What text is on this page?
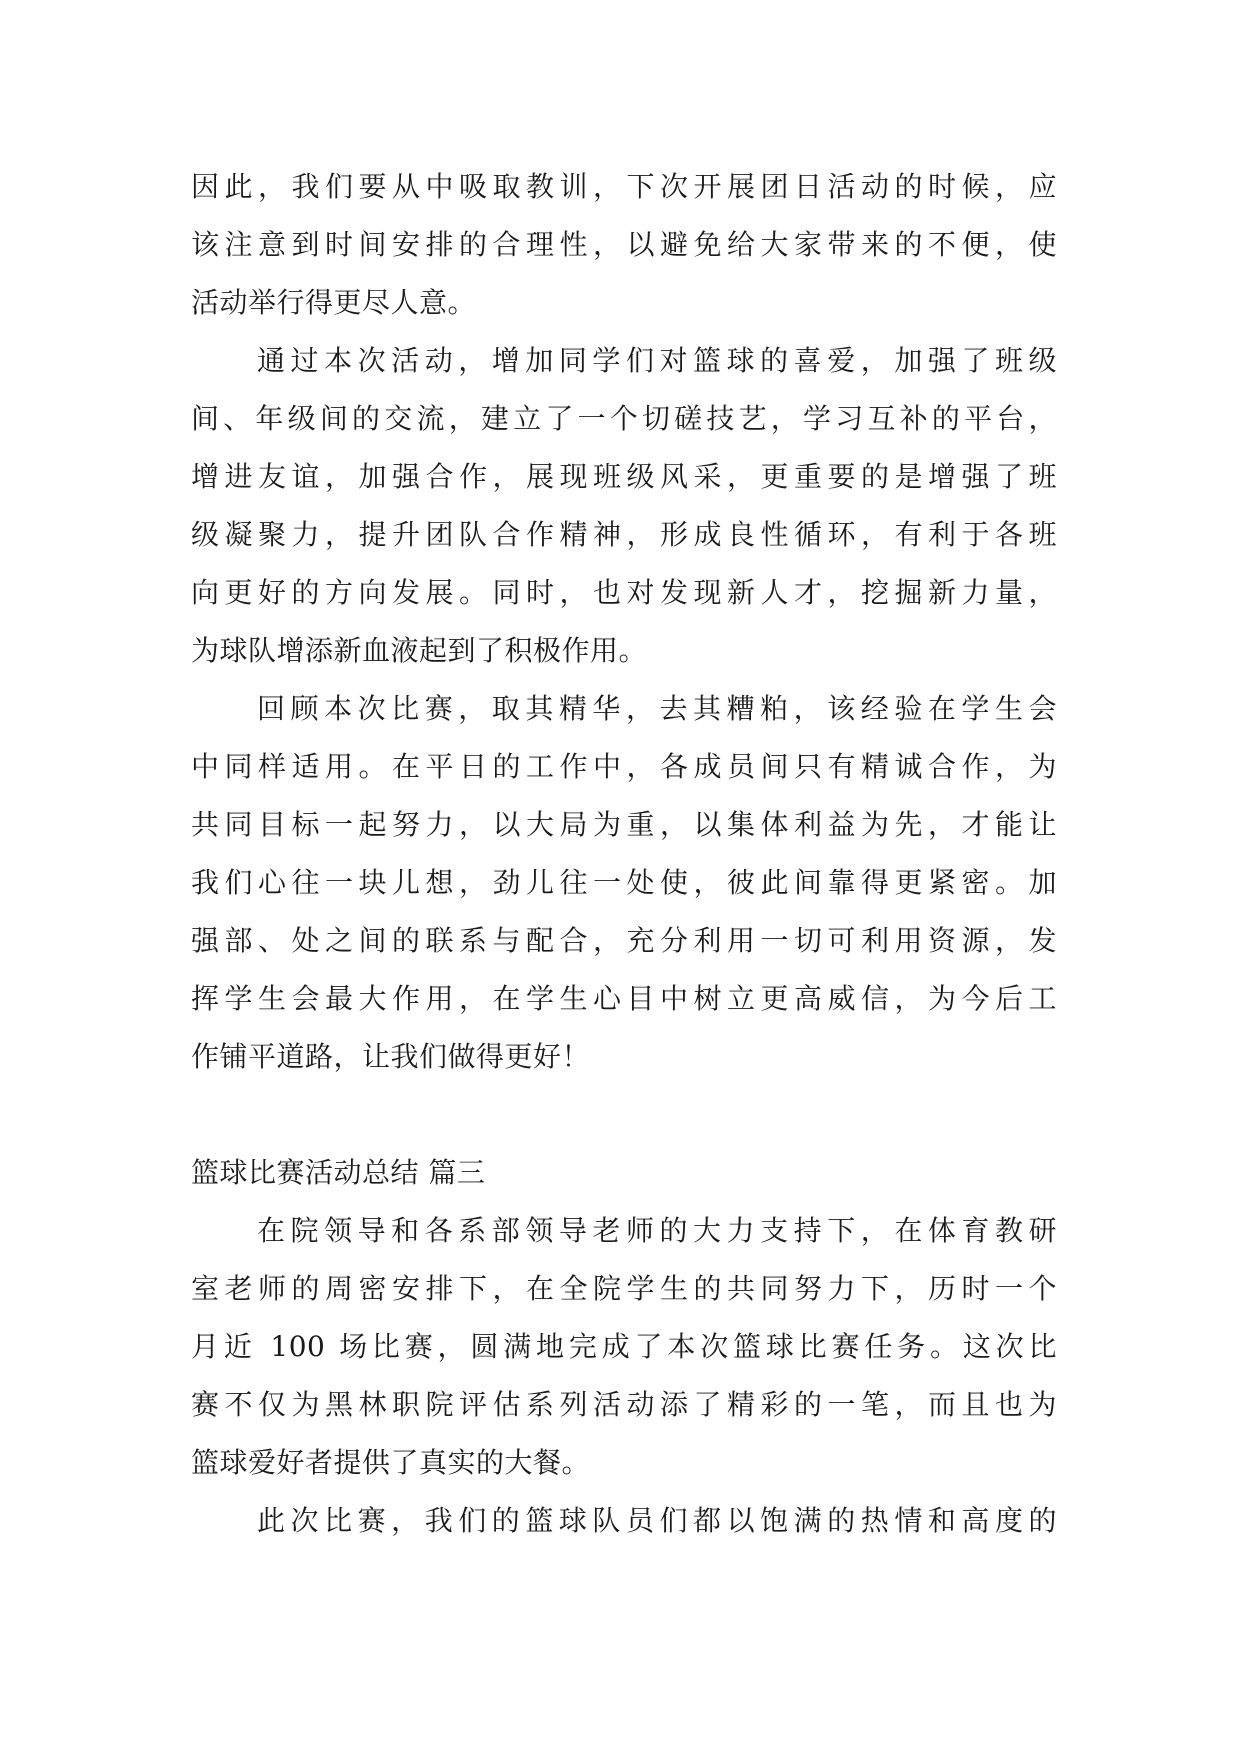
因此，我们要从中吸取教训，下次开展团日活动的时候，应
该注意到时间安排的合理性，以避免给大家带来的不便，使
活动举行得更尽人意。
通过本次活动，增加同学们对篮球的喜爱，加强了班级
间、年级间的交流，建立了一个切磋技艺，学习互补的平台，
增进友谊，加强合作，展现班级风采，更重要的是增强了班
级凝聚力，提升团队合作精神，形成良性循环，有利于各班
向更好的方向发展。同时，也对发现新人才，挖掘新力量，
为球队增添新血液起到了积极作用。
回顾本次比赛，取其精华，去其糟粕，该经验在学生会
中同样适用。在平日的工作中，各成员间只有精诚合作，为
共同目标一起努力，以大局为重，以集体利益为先，才能让
我们心往一块儿想，劲儿往一处使，彼此间靠得更紧密。加
强部、处之间的联系与配合，充分利用一切可利用资源，发
挥学生会最大作用，在学生心目中树立更高威信，为今后工
作铺平道路，让我们做得更好！
篮球比赛活动总结 篇三
在院领导和各系部领导老师的大力支持下，在体育教研
室老师的周密安排下，在全院学生的共同努力下，历时一个
月近 100 场比赛，圆满地完成了本次篮球比赛任务。这次比
赛不仅为黑林职院评估系列活动添了精彩的一笔，而且也为
篮球爱好者提供了真实的大餐。
此次比赛，我们的篮球队员们都以饱满的热情和高度的
